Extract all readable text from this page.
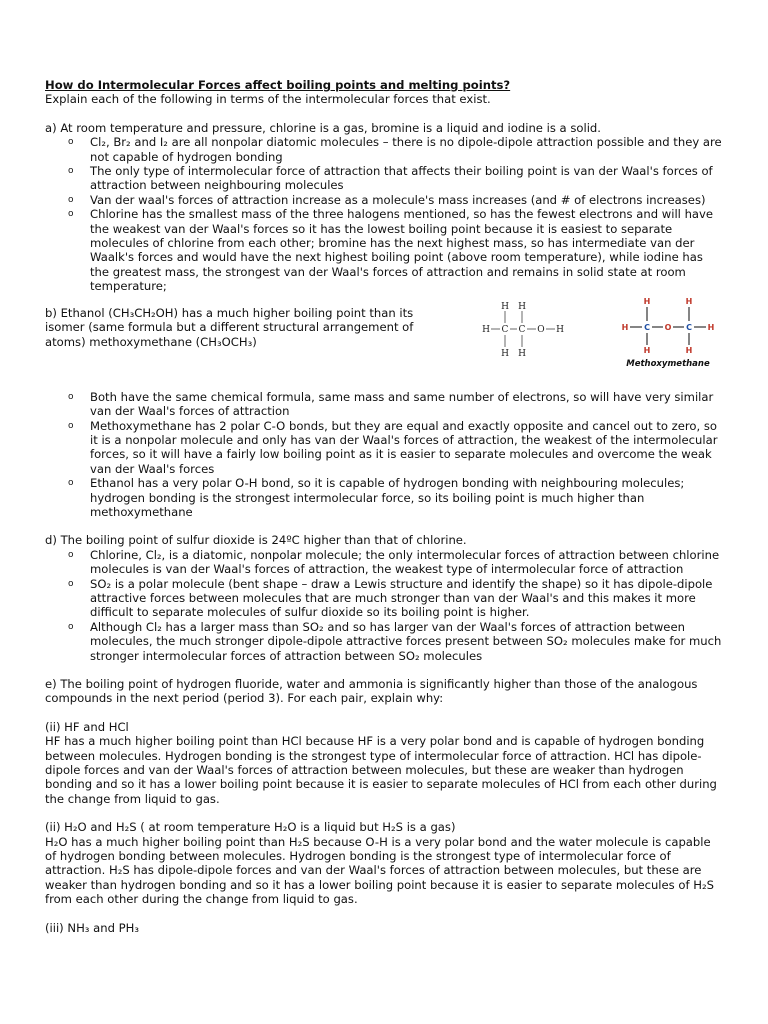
How do Intermolecular Forces affect boiling points and melting points?

Explain each of the following in terms of the intermolecular forces that exist.

a) At room temperature and pressure, chlorine is a gas, bromine is a liquid and iodine is a solid.

o Cl₂, Br₂ and I₂ are all nonpolar diatomic molecules – there is no dipole-dipole attraction possible and they are not capable of hydrogen bonding
o The only type of intermolecular force of attraction that affects their boiling point is van der Waal's forces of attraction between neighbouring molecules
o Van der waal's forces of attraction increase as a molecule's mass increases (and # of electrons increases)
o Chlorine has the smallest mass of the three halogens mentioned, so has the fewest electrons and will have the weakest van der Waal's forces so it has the lowest boiling point because it is easiest to separate molecules of chlorine from each other; bromine has the next highest mass, so has intermediate van der Waalk's forces and would have the next highest boiling point (above room temperature), while iodine has the greatest mass, the strongest van der Waal's forces of attraction and remains in solid state at room temperature;

b) Ethanol (CH₃CH₂OH) has a much higher boiling point than its isomer (same formula but a different structural arrangement of atoms) methoxymethane (CH₃OCH₃)

H H
H C C O H
H H
H	H
H C O C H
H	H
Methoxymethane
o Both have the same chemical formula, same mass and same number of electrons, so will have very similar van der Waal's forces of attraction
o Methoxymethane has 2 polar C-O bonds, but they are equal and exactly opposite and cancel out to zero, so it is a nonpolar molecule and only has van der Waal's forces of attraction, the weakest of the intermolecular forces, so it will have a fairly low boiling point as it is easier to separate molecules and overcome the weak van der Waal's forces
o Ethanol has a very polar O-H bond, so it is capable of hydrogen bonding with neighbouring molecules; hydrogen bonding is the strongest intermolecular force, so its boiling point is much higher than methoxymethane

d) The boiling point of sulfur dioxide is 24ºC higher than that of chlorine.

o Chlorine, Cl₂, is a diatomic, nonpolar molecule; the only intermolecular forces of attraction between chlorine molecules is van der Waal's forces of attraction, the weakest type of intermolecular force of attraction
o SO₂ is a polar molecule (bent shape – draw a Lewis structure and identify the shape) so it has dipole-dipole attractive forces between molecules that are much stronger than van der Waal's and this makes it more difficult to separate molecules of sulfur dioxide so its boiling point is higher.
o Although Cl₂ has a larger mass than SO₂ and so has larger van der Waal's forces of attraction between molecules, the much stronger dipole-dipole attractive forces present between SO₂ molecules make for much stronger intermolecular forces of attraction between SO₂ molecules

e) The boiling point of hydrogen fluoride, water and ammonia is significantly higher than those of the analogous compounds in the next period (period 3). For each pair, explain why:

(ii) HF and HCl

HF has a much higher boiling point than HCl because HF is a very polar bond and is capable of hydrogen bonding between molecules. Hydrogen bonding is the strongest type of intermolecular force of attraction. HCl has dipole-dipole forces and van der Waal's forces of attraction between molecules, but these are weaker than hydrogen bonding and so it has a lower boiling point because it is easier to separate molecules of HCl from each other during the change from liquid to gas.

(ii) H₂O and H₂S ( at room temperature H₂O is a liquid but H₂S is a gas)

H₂O has a much higher boiling point than H₂S because O-H is a very polar bond and the water molecule is capable of hydrogen bonding between molecules. Hydrogen bonding is the strongest type of intermolecular force of attraction. H₂S has dipole-dipole forces and van der Waal's forces of attraction between molecules, but these are weaker than hydrogen bonding and so it has a lower boiling point because it is easier to separate molecules of H₂S from each other during the change from liquid to gas.

(iii) NH₃ and PH₃
